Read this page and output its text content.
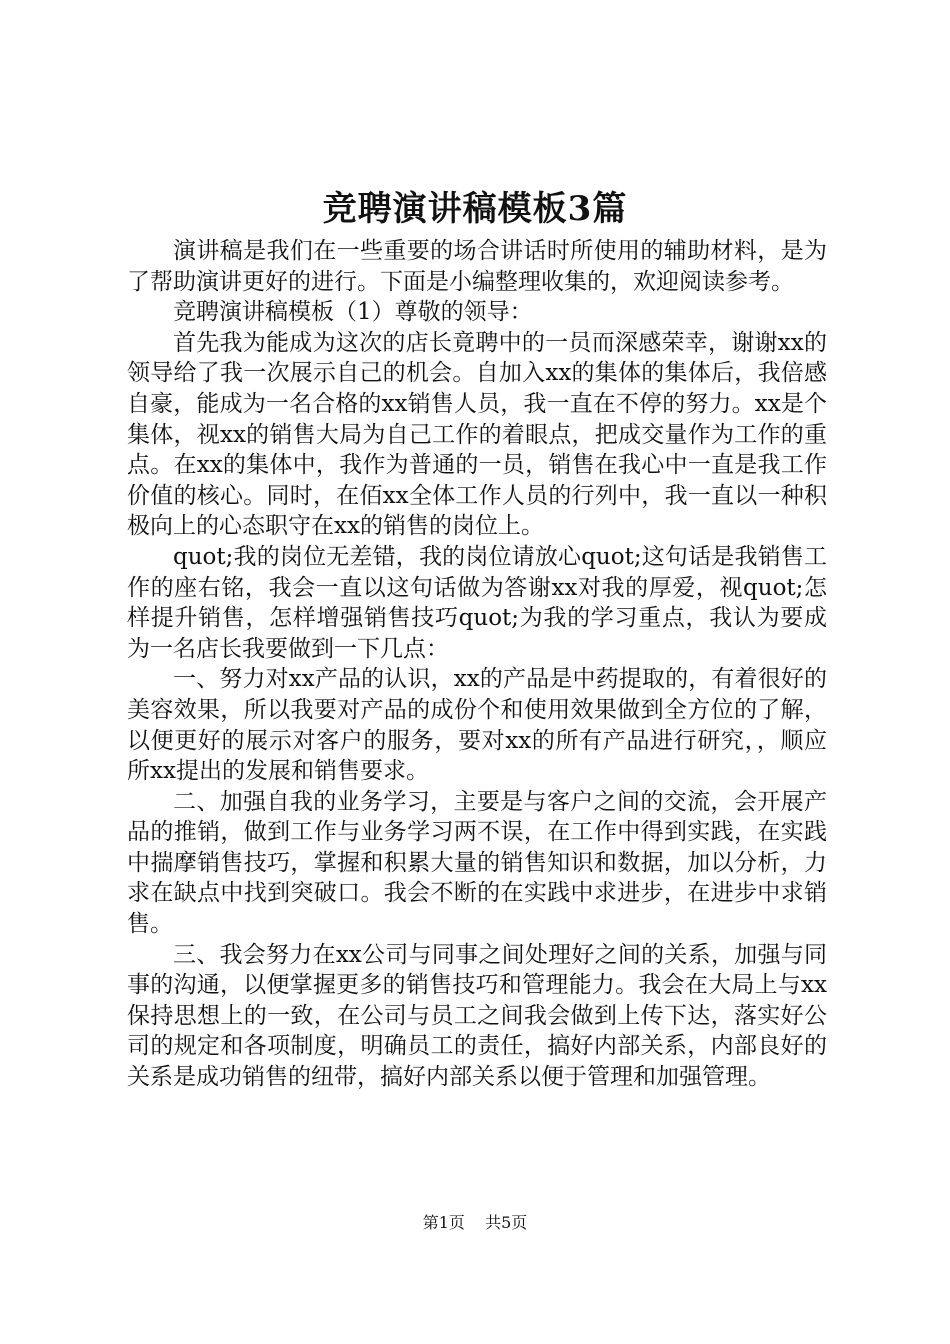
竞聘演讲稿模板3篇

演讲稿是我们在一些重要的场合讲话时所使用的辅助材料，是为了帮助演讲更好的进行。下面是小编整理收集的，欢迎阅读参考。

竞聘演讲稿模板（1）尊敬的领导：

首先我为能成为这次的店长竟聘中的一员而深感荣幸，谢谢xx的领导给了我一次展示自己的机会。自加入xx的集体的集体后，我倍感自豪，能成为一名合格的xx销售人员，我一直在不停的努力。xx是个集体，视xx的销售大局为自己工作的着眼点，把成交量作为工作的重点。在xx的集体中，我作为普通的一员，销售在我心中一直是我工作价值的核心。同时，在佰xx全体工作人员的行列中，我一直以一种积极向上的心态职守在xx的销售的岗位上。

quot;我的岗位无差错，我的岗位请放心quot;这句话是我销售工作的座右铭，我会一直以这句话做为答谢xx对我的厚爱，视quot;怎样提升销售，怎样增强销售技巧quot;为我的学习重点，我认为要成为一名店长我要做到一下几点：

一、努力对xx产品的认识，xx的产品是中药提取的，有着很好的美容效果，所以我要对产品的成份个和使用效果做到全方位的了解，以便更好的展示对客户的服务，要对xx的所有产品进行研究，，顺应所xx提出的发展和销售要求。

二、加强自我的业务学习，主要是与客户之间的交流，会开展产品的推销，做到工作与业务学习两不误，在工作中得到实践，在实践中揣摩销售技巧，掌握和积累大量的销售知识和数据，加以分析，力求在缺点中找到突破口。我会不断的在实践中求进步，在进步中求销售。

三、我会努力在xx公司与同事之间处理好之间的关系，加强与同事的沟通，以便掌握更多的销售技巧和管理能力。我会在大局上与xx保持思想上的一致，在公司与员工之间我会做到上传下达，落实好公司的规定和各项制度，明确员工的责任，搞好内部关系，内部良好的关系是成功销售的纽带，搞好内部关系以便于管理和加强管理。

第1页 共5页
